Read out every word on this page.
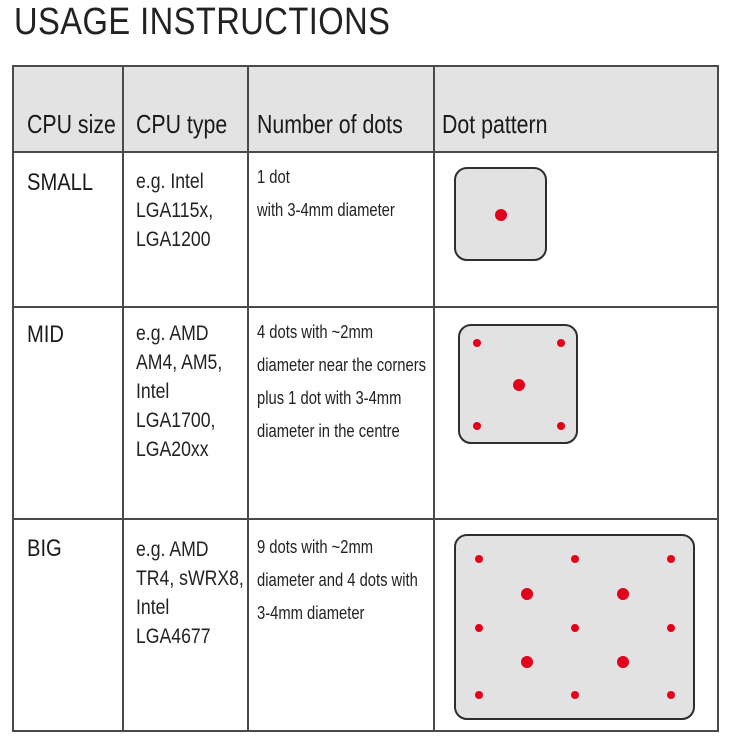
USAGE INSTRUCTIONS
CPU size CPU type Number of dots Dot pattern
SMALL e.g. Intel
LGA115x,
LGA1200
1 dot
with 3-4mm diameter
MID	e.g. AMD
AM4, AM5,
Intel
LGA1700,
LGA20xx
4 dots with ~2mm
diameter near the corners
plus 1 dot with 3-4mm
diameter in the centre
BIG	e.g. AMD
TR4, sWRX8,
Intel
LGA4677
9 dots with ~2mm
diameter and 4 dots with
3-4mm diameter
